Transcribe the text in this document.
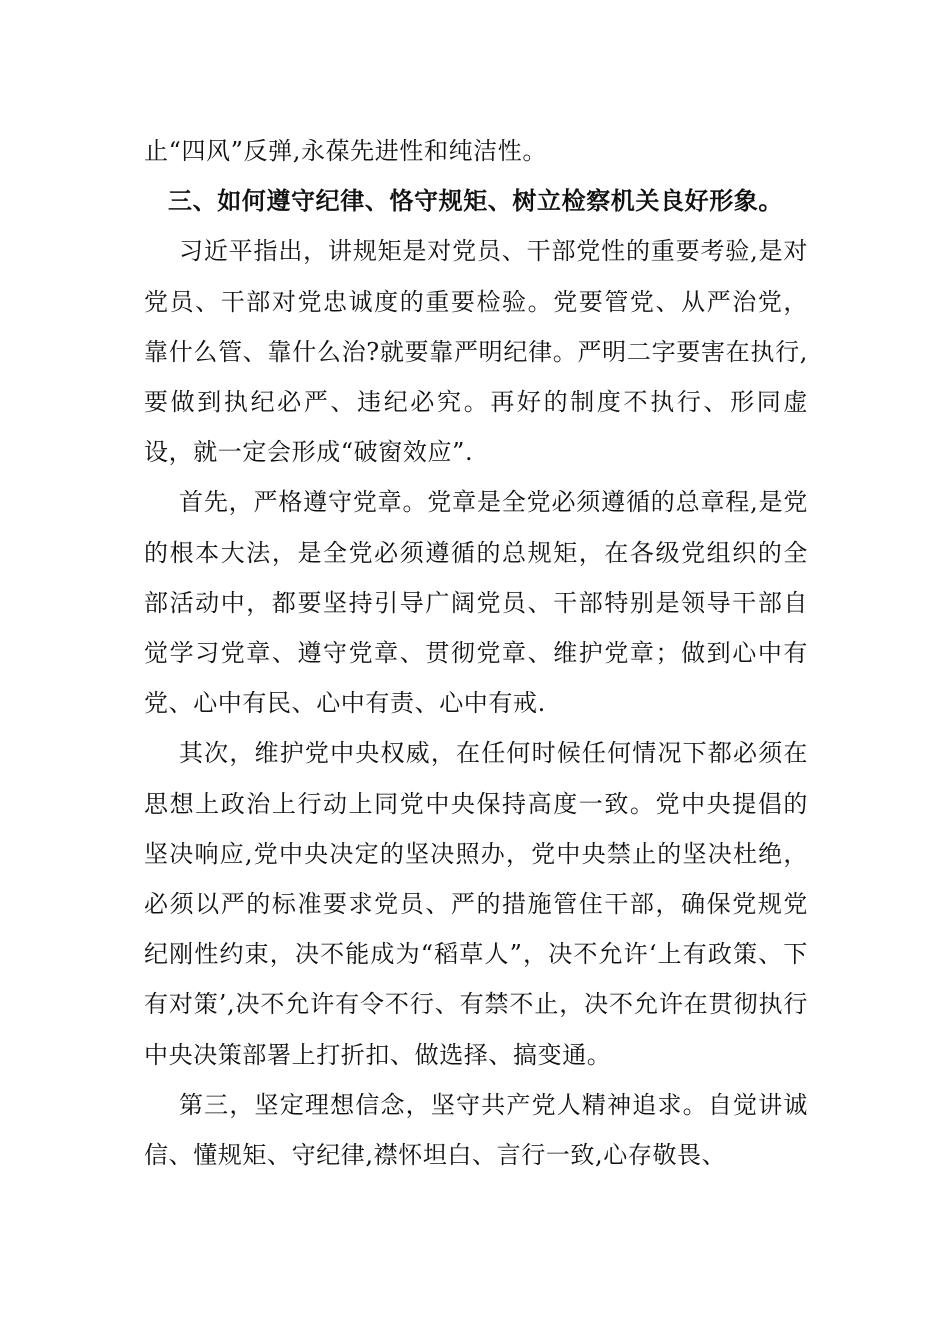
止“四风”反弹,永葆先进性和纯洁性。

三、如何遵守纪律、恪守规矩、树立检察机关良好形象。

习近平指出，讲规矩是对党员、干部党性的重要考验,是对党员、干部对党忠诚度的重要检验。党要管党、从严治党，靠什么管、靠什么治?就要靠严明纪律。严明二字要害在执行,要做到执纪必严、违纪必究。再好的制度不执行、形同虚设，就一定会形成“破窗效应”.

首先，严格遵守党章。党章是全党必须遵循的总章程,是党的根本大法，是全党必须遵循的总规矩，在各级党组织的全部活动中，都要坚持引导广阔党员、干部特别是领导干部自觉学习党章、遵守党章、贯彻党章、维护党章；做到心中有党、心中有民、心中有责、心中有戒.

其次，维护党中央权威，在任何时候任何情况下都必须在思想上政治上行动上同党中央保持高度一致。党中央提倡的坚决响应,党中央决定的坚决照办，党中央禁止的坚决杜绝，必须以严的标准要求党员、严的措施管住干部，确保党规党纪刚性约束，决不能成为“稻草人”，决不允许‘上有政策、下有对策’,决不允许有令不行、有禁不止，决不允许在贯彻执行中央决策部署上打折扣、做选择、搞变通。

第三，坚定理想信念，坚守共产党人精神追求。自觉讲诚信、懂规矩、守纪律,襟怀坦白、言行一致,心存敬畏、
